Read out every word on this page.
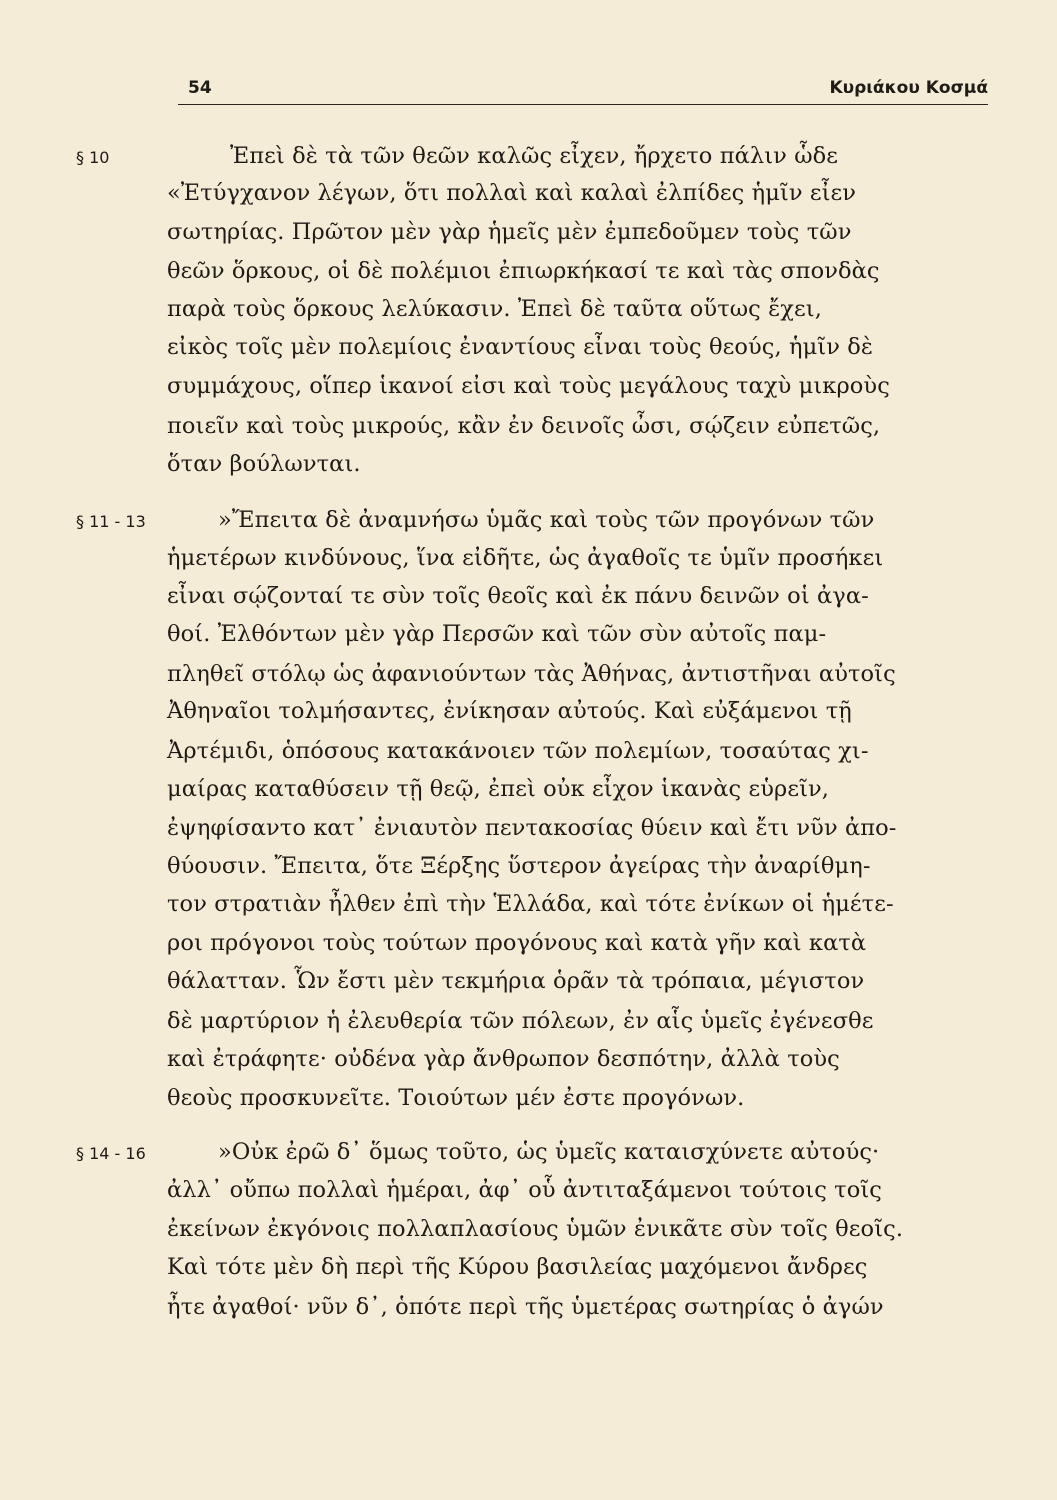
54	Κυριάκου Κοσμά
§ 10	Ἐπεὶ δὲ τὰ τῶν θεῶν καλῶς εἶχεν, ἤρχετο πάλιν ὧδε
«Ἐτύγχανον λέγων, ὅτι πολλαὶ καὶ καλαὶ ἐλπίδες ἡμῖν εἶεν
σωτηρίας. Πρῶτον μὲν γὰρ ἡμεῖς μὲν ἐμπεδοῦμεν τοὺς τῶν
θεῶν ὅρκους, οἱ δὲ πολέμιοι ἐπιωρκήκασί τε καὶ τὰς σπονδὰς
παρὰ τοὺς ὅρκους λελύκασιν. Ἐπεὶ δὲ ταῦτα οὕτως ἔχει,
εἰκὸς τοῖς μὲν πολεμίοις ἐναντίους εἶναι τοὺς θεούς, ἡμῖν δὲ
συμμάχους, οἵπερ ἱκανοί εἰσι καὶ τοὺς μεγάλους ταχὺ μικροὺς
ποιεῖν καὶ τοὺς μικρούς, κἂν ἐν δεινοῖς ὦσι, σῴζειν εὐπετῶς,
ὅταν βούλωνται.
§ 11 - 13	»Ἔπειτα δὲ ἀναμνήσω ὑμᾶς καὶ τοὺς τῶν προγόνων τῶν
ἡμετέρων κινδύνους, ἵνα εἰδῆτε, ὡς ἀγαθοῖς τε ὑμῖν προσήκει
εἶναι σῴζονταί τε σὺν τοῖς θεοῖς καὶ ἐκ πάνυ δεινῶν οἱ ἀγα-
θοί. Ἐλθόντων μὲν γὰρ Περσῶν καὶ τῶν σὺν αὐτοῖς παμ-
πληθεῖ στόλῳ ὡς ἀφανιούντων τὰς Ἀθήνας, ἀντιστῆναι αὐτοῖς
Ἀθηναῖοι τολμήσαντες, ἐνίκησαν αὐτούς. Καὶ εὐξάμενοι τῇ
Ἀρτέμιδι, ὁπόσους κατακάνοιεν τῶν πολεμίων, τοσαύτας χι-
μαίρας καταθύσειν τῇ θεῷ, ἐπεὶ οὐκ εἶχον ἱκανὰς εὑρεῖν,
ἐψηφίσαντο κατ᾿ ἐνιαυτὸν πεντακοσίας θύειν καὶ ἔτι νῦν ἀπο-
θύουσιν. Ἔπειτα, ὅτε Ξέρξης ὕστερον ἀγείρας τὴν ἀναρίθμη-
τον στρατιὰν ἦλθεν ἐπὶ τὴν Ἑλλάδα, καὶ τότε ἐνίκων οἱ ἡμέτε-
ροι πρόγονοι τοὺς τούτων προγόνους καὶ κατὰ γῆν καὶ κατὰ
θάλατταν. Ὧν ἔστι μὲν τεκμήρια ὁρᾶν τὰ τρόπαια, μέγιστον
δὲ μαρτύριον ἡ ἐλευθερία τῶν πόλεων, ἐν αἷς ὑμεῖς ἐγένεσθε
καὶ ἐτράφητε· οὐδένα γὰρ ἄνθρωπον δεσπότην, ἀλλὰ τοὺς
θεοὺς προσκυνεῖτε. Τοιούτων μέν ἐστε προγόνων.
§ 14 - 16	»Οὐκ ἐρῶ δ᾿ ὅμως τοῦτο, ὡς ὑμεῖς καταισχύνετε αὐτούς·
ἀλλ᾿ οὔπω πολλαὶ ἡμέραι, ἀφ᾿ οὗ ἀντιταξάμενοι τούτοις τοῖς
ἐκείνων ἐκγόνοις πολλαπλασίους ὑμῶν ἐνικᾶτε σὺν τοῖς θεοῖς.
Καὶ τότε μὲν δὴ περὶ τῆς Κύρου βασιλείας μαχόμενοι ἄνδρες
ἦτε ἀγαθοί· νῦν δ᾿, ὁπότε περὶ τῆς ὑμετέρας σωτηρίας ὁ ἀγών
